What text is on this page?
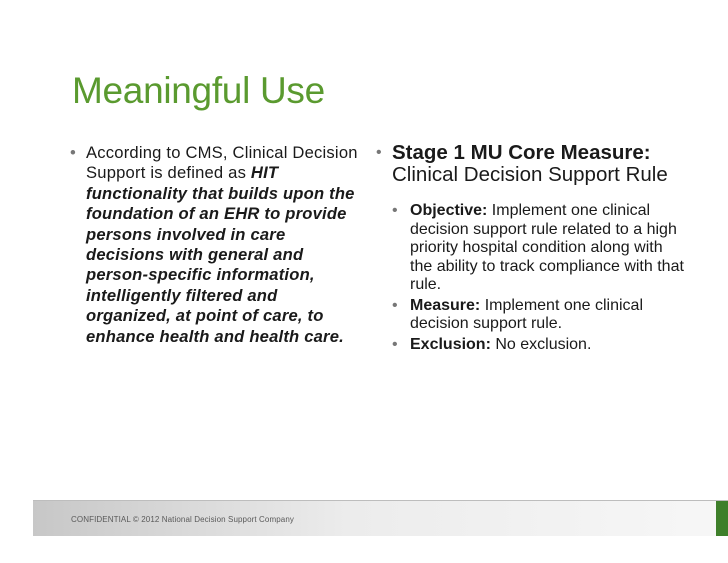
Meaningful Use
• According to CMS, Clinical Decision Support is defined as HIT functionality that builds upon the foundation of an EHR to provide persons involved in care decisions with general and person-specific information, intelligently filtered and organized, at point of care, to enhance health and health care.
• Stage 1 MU Core Measure: Clinical Decision Support Rule
• Objective: Implement one clinical decision support rule related to a high priority hospital condition along with the ability to track compliance with that rule.
• Measure: Implement one clinical decision support rule.
• Exclusion: No exclusion.
CONFIDENTIAL © 2012 National Decision Support Company
